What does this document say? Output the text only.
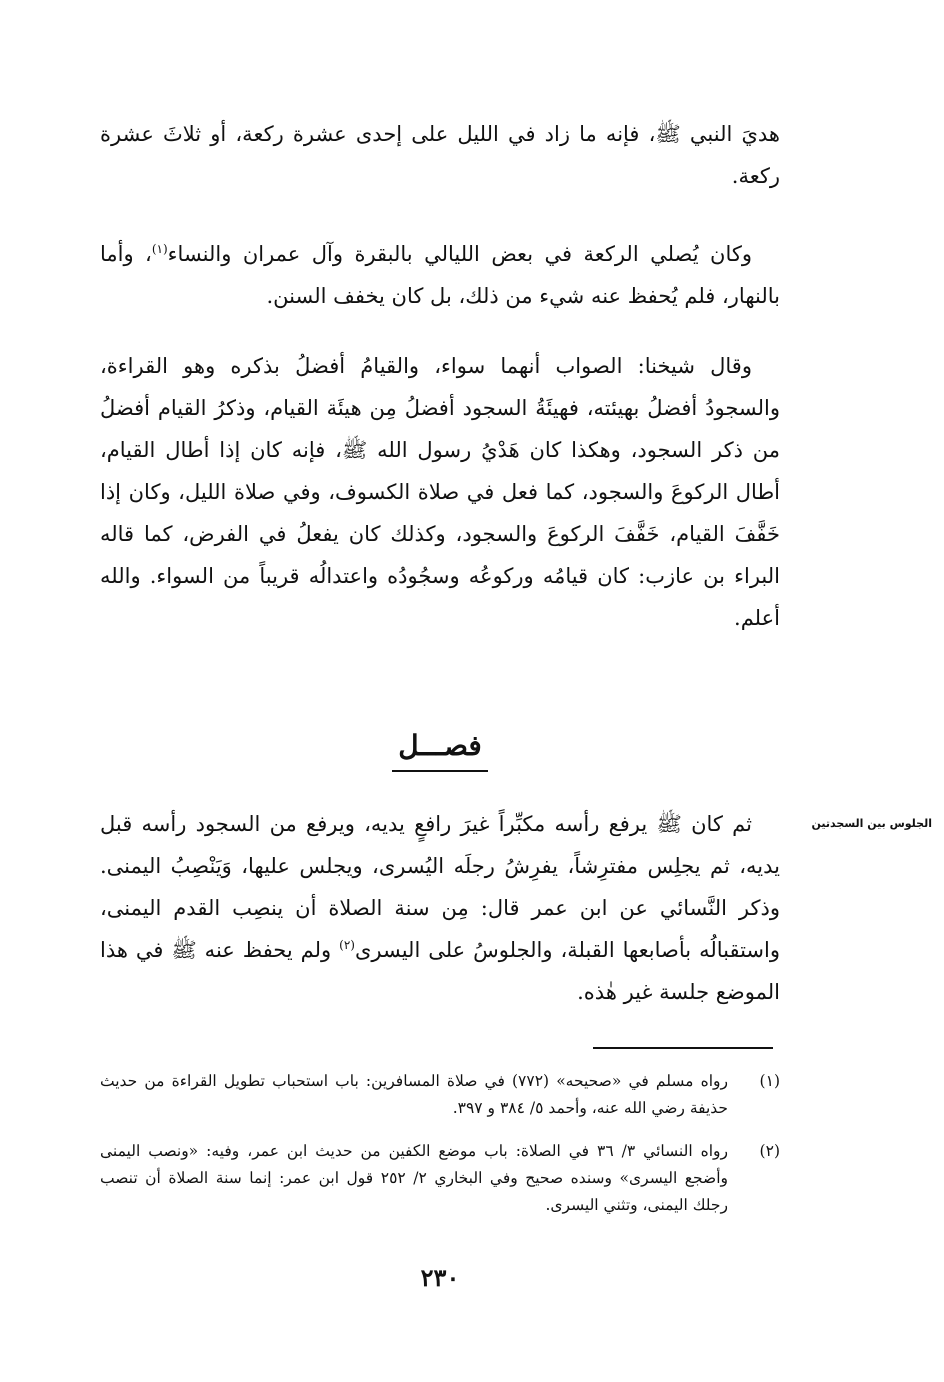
هديَ النبي ﷺ، فإنه ما زاد في الليل على إحدى عشرة ركعة، أو ثلاثَ عشرة ركعة.

وكان يُصلي الركعة في بعض الليالي بالبقرة وآل عمران والنساء$^{(١)}$، وأما بالنهار، فلم يُحفظ عنه شيء من ذلك، بل كان يخفف السنن.

وقال شيخنا: الصواب أنهما سواء، والقيامُ أفضلُ بذكره وهو القراءة، والسجودُ أفضلُ بهيئته، فهيئَةُ السجود أفضلُ مِن هيئَة القيام، وذكرُ القيام أفضلُ من ذكر السجود، وهكذا كان هَدْيُ رسول الله ﷺ، فإنه كان إذا أطال القيام، أطال الركوعَ والسجود، كما فعل في صلاة الكسوف، وفي صلاة الليل، وكان إذا خَفَّفَ القيام، خَفَّفَ الركوعَ والسجود، وكذلك كان يفعلُ في الفرض، كما قاله البراء بن عازب: كان قيامُه وركوعُه وسجُودُه واعتدالُه قريباً من السواء. والله أعلم.

فصـــل
الجلوس بين السجدتين

ثم كان ﷺ يرفع رأسه مكبِّراً غيرَ رافعٍ يديه، ويرفع من السجود رأسه قبل يديه، ثم يجلِس مفترِشاً، يفرِشُ رجلَه اليُسرى، ويجلس عليها، وَيَنْصِبُ اليمنى. وذكر النَّسائي عن ابن عمر قال: مِن سنة الصلاة أن ينصِب القدم اليمنى، واستقبالُه بأصابعها القبلة، والجلوسُ على اليسرى$^{(٢)}$ ولم يحفظ عنه ﷺ في هذا الموضع جلسة غير هٰذه.

(١)
رواه مسلم في «صحيحه» (٧٧٢) في صلاة المسافرين: باب استحباب تطويل القراءة من حديث حذيفة رضي الله عنه، وأحمد ٥/ ٣٨٤ و ٣٩٧.
(٢)
رواه النسائي ٣/ ٣٦ في الصلاة: باب موضع الكفين من حديث ابن عمر، وفيه: «ونصب اليمنى وأضجع اليسرى» وسنده صحيح وفي البخاري ٢/ ٢٥٢ قول ابن عمر: إنما سنة الصلاة أن تنصب رجلك اليمنى، وتثني اليسرى.
٢٣٠
